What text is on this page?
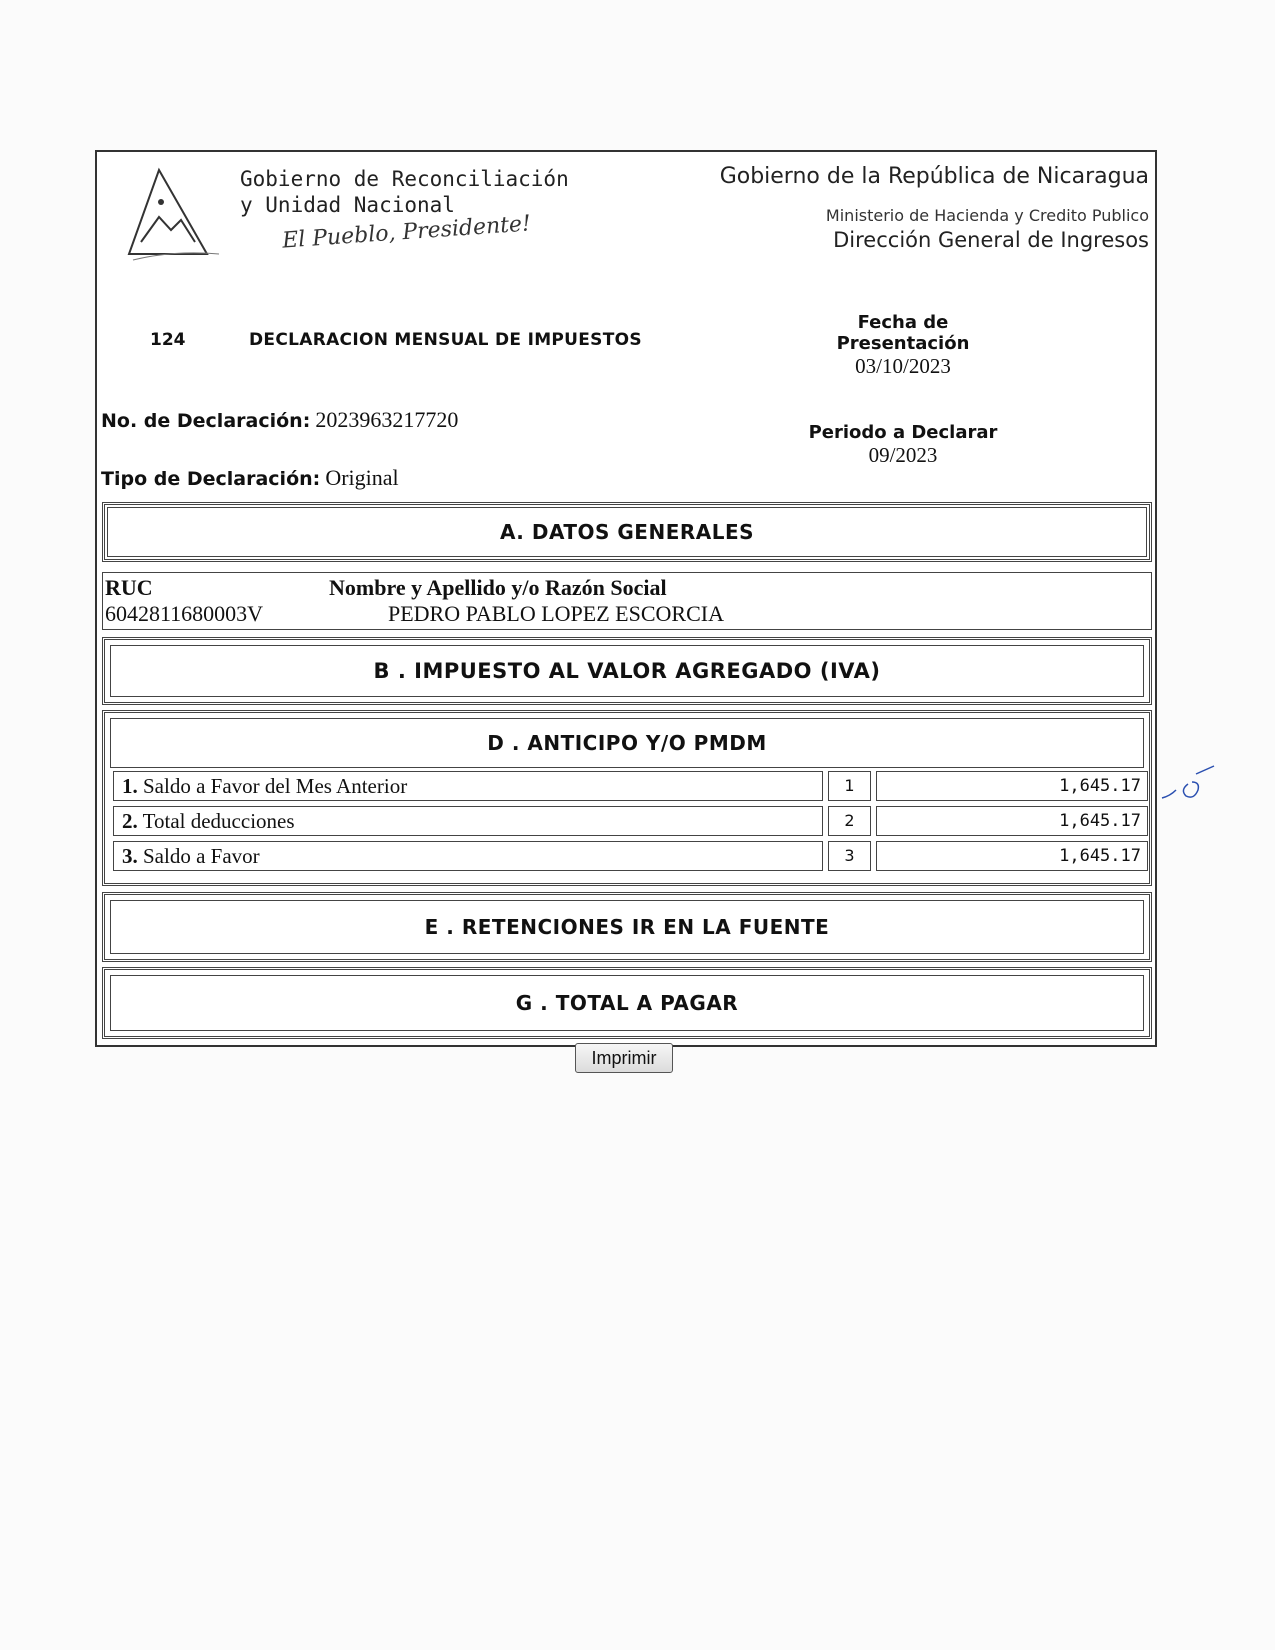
Gobierno de Reconciliación
y Unidad Nacional
El Pueblo, Presidente!
Gobierno de la República de Nicaragua
Ministerio de Hacienda y Credito Publico
Dirección General de Ingresos
124	DECLARACION MENSUAL DE IMPUESTOS
Fecha de Presentación
03/10/2023
Periodo a Declarar
09/2023
No. de Declaración: 2023963217720
Tipo de Declaración: Original
A. DATOS GENERALES
RUC
6042811680003V
Nombre y Apellido y/o Razón Social
PEDRO PABLO LOPEZ ESCORCIA
B . IMPUESTO AL VALOR AGREGADO (IVA)
D . ANTICIPO Y/O PMDM
1. Saldo a Favor del Mes Anterior	1	1,645.17
2. Total deducciones	2	1,645.17
3. Saldo a Favor	3	1,645.17
E . RETENCIONES IR EN LA FUENTE
G . TOTAL A PAGAR
Imprimir
